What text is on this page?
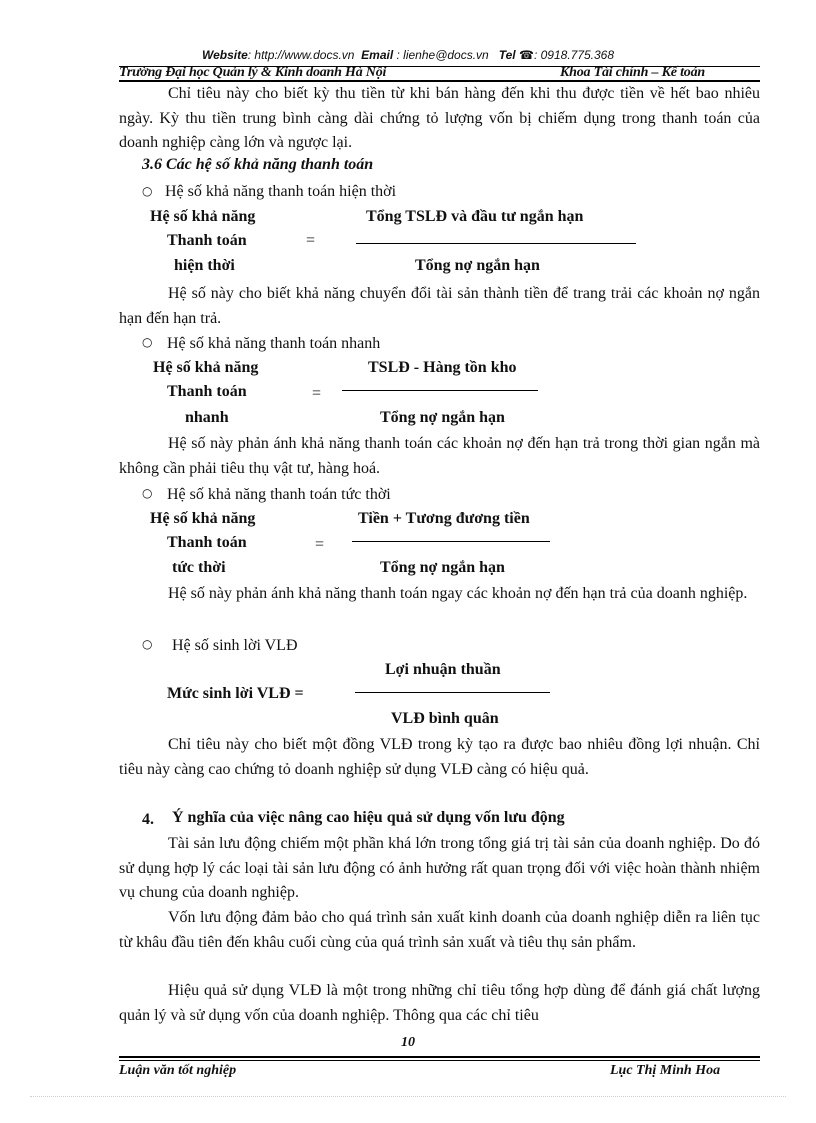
Website: http://www.docs.vn Email : lienhe@docs.vn Tel ☎: 0918.775.368
Trường Đại học Quản lý & Kinh doanh Hà Nội	Khoa Tài chính – Kế toán
Chỉ tiêu này cho biết kỳ thu tiền từ khi bán hàng đến khi thu được tiền về hết bao nhiêu ngày. Kỳ thu tiền trung bình càng dài chứng tỏ lượng vốn bị chiếm dụng trong thanh toán của doanh nghiệp càng lớn và ngược lại.
3.6 Các hệ số khả năng thanh toán
○ Hệ số khả năng thanh toán hiện thời
Hệ số khả năng	Tổng TSLĐ và đầu tư ngắn hạn
Thanh toán	=
hiện thời	Tổng nợ ngắn hạn
Hệ số này cho biết khả năng chuyển đổi tài sản thành tiền để trang trải các khoản nợ ngắn hạn đến hạn trả.
○ Hệ số khả năng thanh toán nhanh
Hệ số khả năng	TSLĐ - Hàng tồn kho
Thanh toán	=
nhanh	Tổng nợ ngắn hạn
Hệ số này phản ánh khả năng thanh toán các khoản nợ đến hạn trả trong thời gian ngắn mà không cần phải tiêu thụ vật tư, hàng hoá.
○ Hệ số khả năng thanh toán tức thời
Hệ số khả năng	Tiền + Tương đương tiền
Thanh toán	=
tức thời	Tổng nợ ngắn hạn
Hệ số này phản ánh khả năng thanh toán ngay các khoản nợ đến hạn trả của doanh nghiệp.
○ Hệ số sinh lời VLĐ
Lợi nhuận thuần
Mức sinh lời VLĐ =
VLĐ bình quân
Chỉ tiêu này cho biết một đồng VLĐ trong kỳ tạo ra được bao nhiêu đồng lợi nhuận. Chỉ tiêu này càng cao chứng tỏ doanh nghiệp sử dụng VLĐ càng có hiệu quả.
4. Ý nghĩa của việc nâng cao hiệu quả sử dụng vốn lưu động
Tài sản lưu động chiếm một phần khá lớn trong tổng giá trị tài sản của doanh nghiệp. Do đó sử dụng hợp lý các loại tài sản lưu động có ảnh hưởng rất quan trọng đối với việc hoàn thành nhiệm vụ chung của doanh nghiệp.
Vốn lưu động đảm bảo cho quá trình sản xuất kinh doanh của doanh nghiệp diễn ra liên tục từ khâu đầu tiên đến khâu cuối cùng của quá trình sản xuất và tiêu thụ sản phẩm.
Hiệu quả sử dụng VLĐ là một trong những chỉ tiêu tổng hợp dùng để đánh giá chất lượng quản lý và sử dụng vốn của doanh nghiệp. Thông qua các chỉ tiêu
10
Luận văn tốt nghiệp	Lục Thị Minh Hoa
